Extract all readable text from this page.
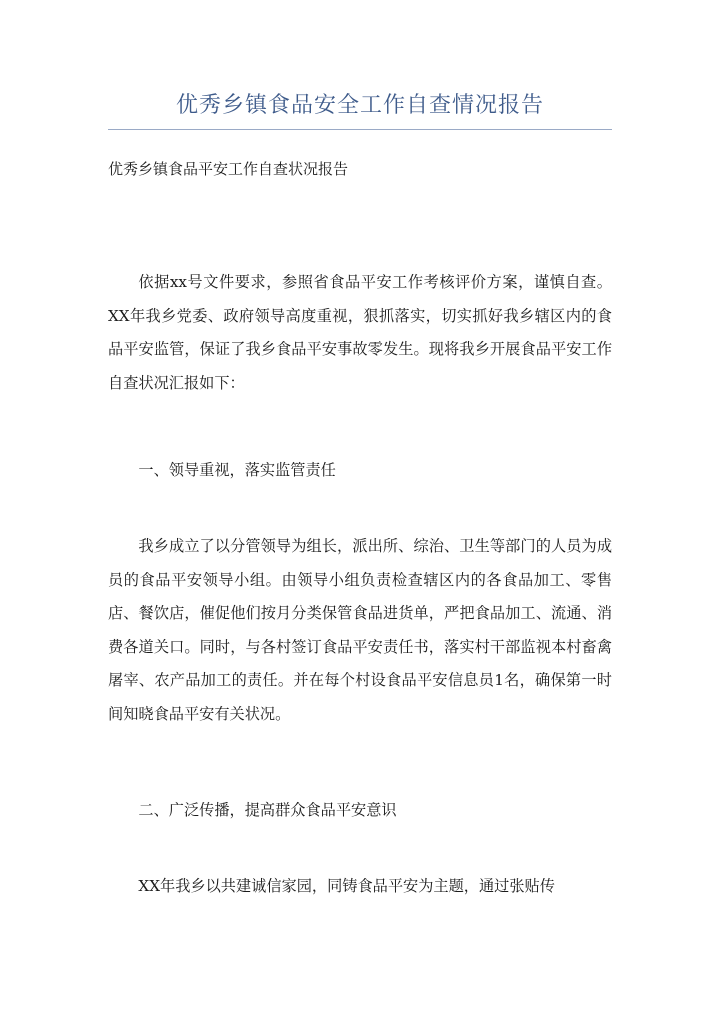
优秀乡镇食品安全工作自查情况报告
优秀乡镇食品平安工作自查状况报告

依据xx号文件要求，参照省食品平安工作考核评价方案，谨慎自查。XX年我乡党委、政府领导高度重视，狠抓落实，切实抓好我乡辖区内的食品平安监管，保证了我乡食品平安事故零发生。现将我乡开展食品平安工作自查状况汇报如下：

一、领导重视，落实监管责任

我乡成立了以分管领导为组长，派出所、综治、卫生等部门的人员为成员的食品平安领导小组。由领导小组负责检查辖区内的各食品加工、零售店、餐饮店，催促他们按月分类保管食品进货单，严把食品加工、流通、消费各道关口。同时，与各村签订食品平安责任书，落实村干部监视本村畜禽屠宰、农产品加工的责任。并在每个村设食品平安信息员1名，确保第一时间知晓食品平安有关状况。

二、广泛传播，提高群众食品平安意识

XX年我乡以共建诚信家园，同铸食品平安为主题，通过张贴传
